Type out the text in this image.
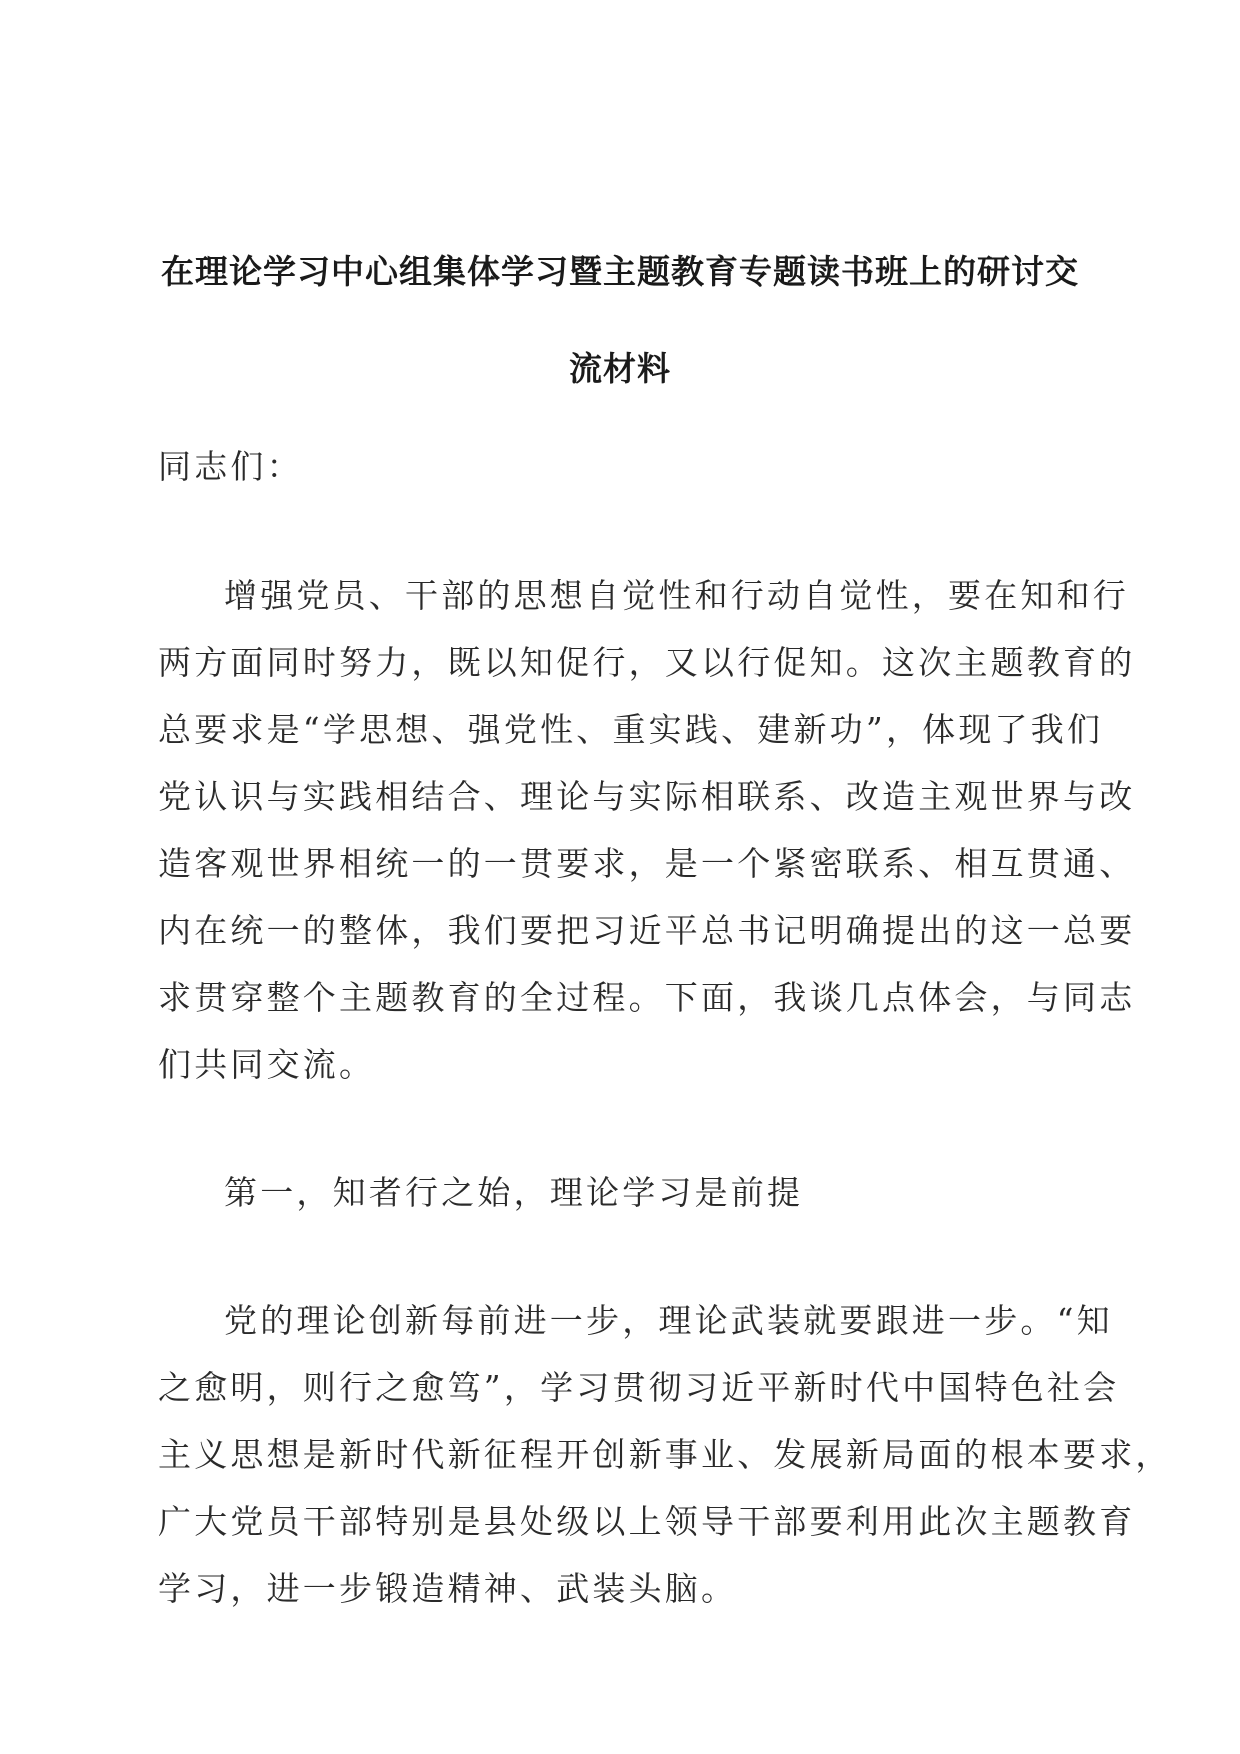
在理论学习中心组集体学习暨主题教育专题读书班上的研讨交
流材料
同志们：
增强党员、干部的思想自觉性和行动自觉性，要在知和行
两方面同时努力，既以知促行，又以行促知。这次主题教育的
总要求是“学思想、强党性、重实践、建新功”，体现了我们
党认识与实践相结合、理论与实际相联系、改造主观世界与改
造客观世界相统一的一贯要求，是一个紧密联系、相互贯通、
内在统一的整体，我们要把习近平总书记明确提出的这一总要
求贯穿整个主题教育的全过程。下面，我谈几点体会，与同志
们共同交流。
第一，知者行之始，理论学习是前提
党的理论创新每前进一步，理论武装就要跟进一步。“知
之愈明，则行之愈笃”，学习贯彻习近平新时代中国特色社会
主义思想是新时代新征程开创新事业、发展新局面的根本要求，
广大党员干部特别是县处级以上领导干部要利用此次主题教育
学习，进一步锻造精神、武装头脑。
